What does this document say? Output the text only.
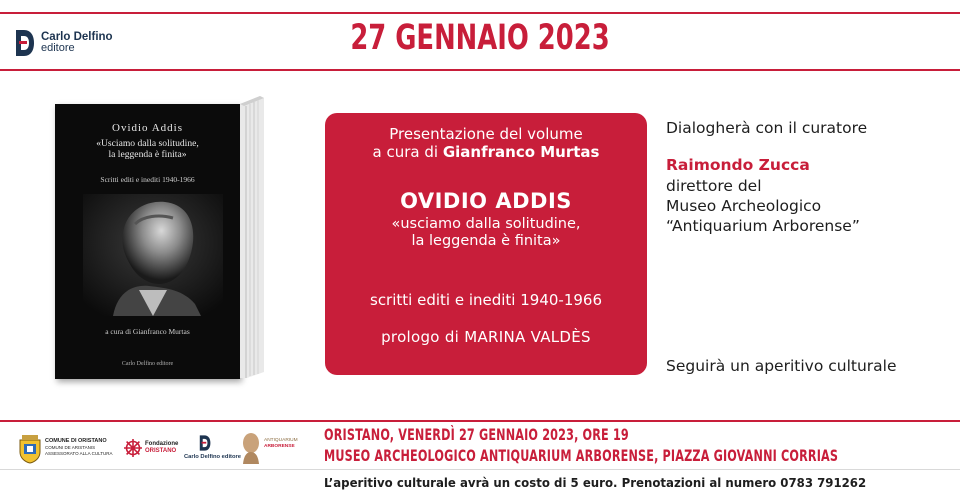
Carlo Delfino
editore	27 GENNAIO 2023
Ovidio Addis
«Usciamo dalla solitudine,
la leggenda è finita»
Scritti editi e inediti 1940-1966
a cura di Gianfranco Murtas
Carlo Delfino editore
Presentazione del volume
a cura di Gianfranco Murtas
OVIDIO ADDIS
«usciamo dalla solitudine,
la leggenda è finita»
scritti editi e inediti 1940-1966
prologo di MARINA VALDÈS
Dialogherà con il curatore
Raimondo Zucca
direttore del
Museo Archeologico
“Antiquarium Arborense”
Seguirà un aperitivo culturale
COMUNE DI ORISTANO
COMUNI DE ARISTANIS
ASSESSORATO ALLA CULTURA
Fondazione
ORISTANO
Carlo Delfino editore
ANTIQUARIUM
ARBORENSE
ORISTANO, VENERDÌ 27 GENNAIO 2023, ORE 19
MUSEO ARCHEOLOGICO ANTIQUARIUM ARBORENSE, PIAZZA GIOVANNI CORRIAS
L’aperitivo culturale avrà un costo di 5 euro. Prenotazioni al numero 0783 791262
